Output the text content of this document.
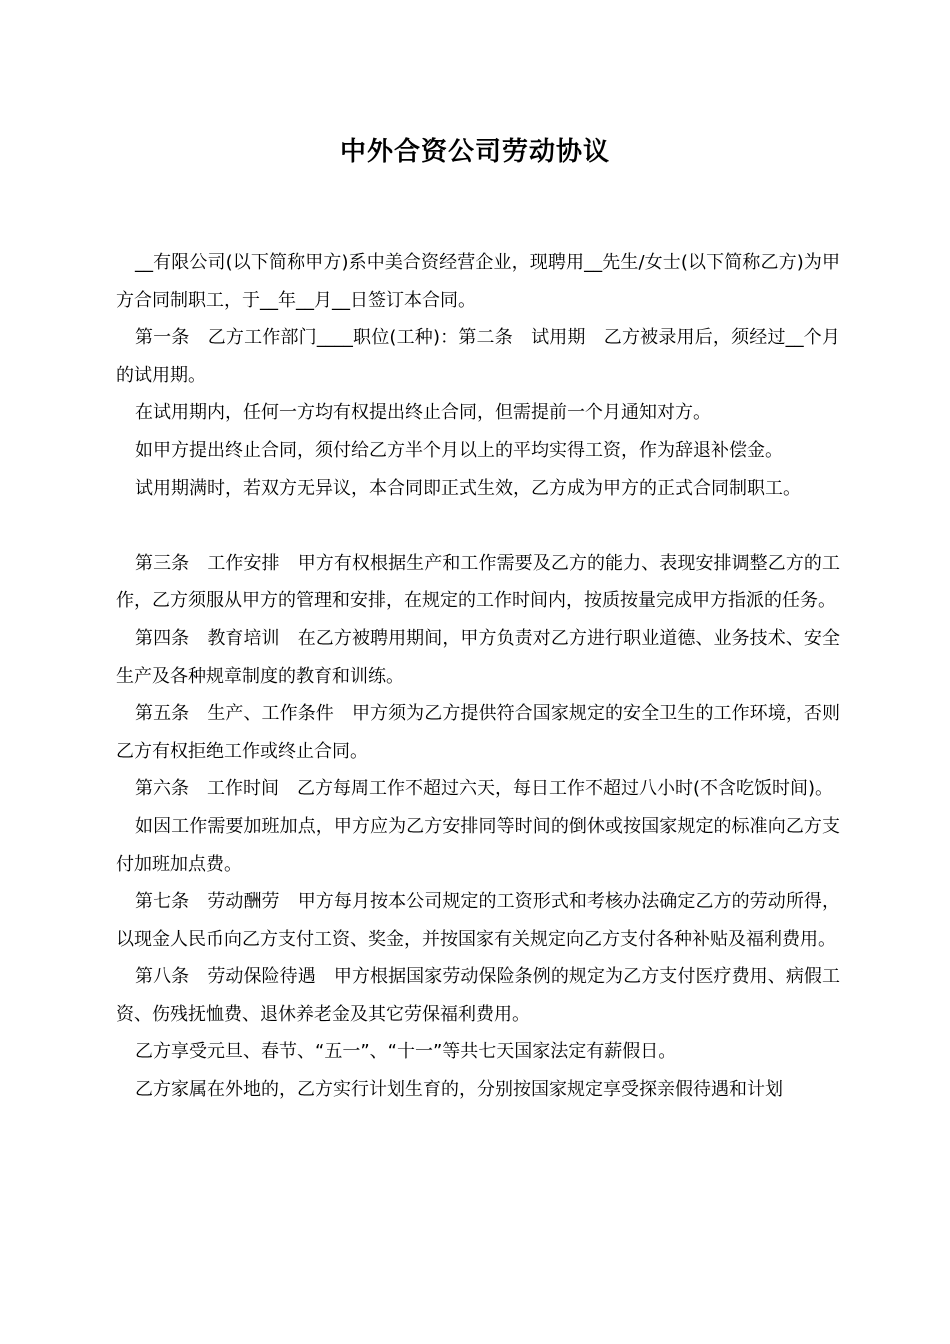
中外合资公司劳动协议

__有限公司(以下简称甲方)系中美合资经营企业，现聘用__先生/女士(以下简称乙方)为甲方合同制职工，于__年__月__日签订本合同。

第一条　乙方工作部门____职位(工种)：第二条　试用期　乙方被录用后，须经过__个月的试用期。

在试用期内，任何一方均有权提出终止合同，但需提前一个月通知对方。

如甲方提出终止合同，须付给乙方半个月以上的平均实得工资，作为辞退补偿金。

试用期满时，若双方无异议，本合同即正式生效，乙方成为甲方的正式合同制职工。

第三条　工作安排　甲方有权根据生产和工作需要及乙方的能力、表现安排调整乙方的工作，乙方须服从甲方的管理和安排，在规定的工作时间内，按质按量完成甲方指派的任务。

第四条　教育培训　在乙方被聘用期间，甲方负责对乙方进行职业道德、业务技术、安全生产及各种规章制度的教育和训练。

第五条　生产、工作条件　甲方须为乙方提供符合国家规定的安全卫生的工作环境，否则乙方有权拒绝工作或终止合同。

第六条　工作时间　乙方每周工作不超过六天，每日工作不超过八小时(不含吃饭时间)。

如因工作需要加班加点，甲方应为乙方安排同等时间的倒休或按国家规定的标准向乙方支付加班加点费。

第七条　劳动酬劳　甲方每月按本公司规定的工资形式和考核办法确定乙方的劳动所得，以现金人民币向乙方支付工资、奖金，并按国家有关规定向乙方支付各种补贴及福利费用。

第八条　劳动保险待遇　甲方根据国家劳动保险条例的规定为乙方支付医疗费用、病假工资、伤残抚恤费、退休养老金及其它劳保福利费用。

乙方享受元旦、春节、“五一”、“十一”等共七天国家法定有薪假日。

乙方家属在外地的，乙方实行计划生育的，分别按国家规定享受探亲假待遇和计划
